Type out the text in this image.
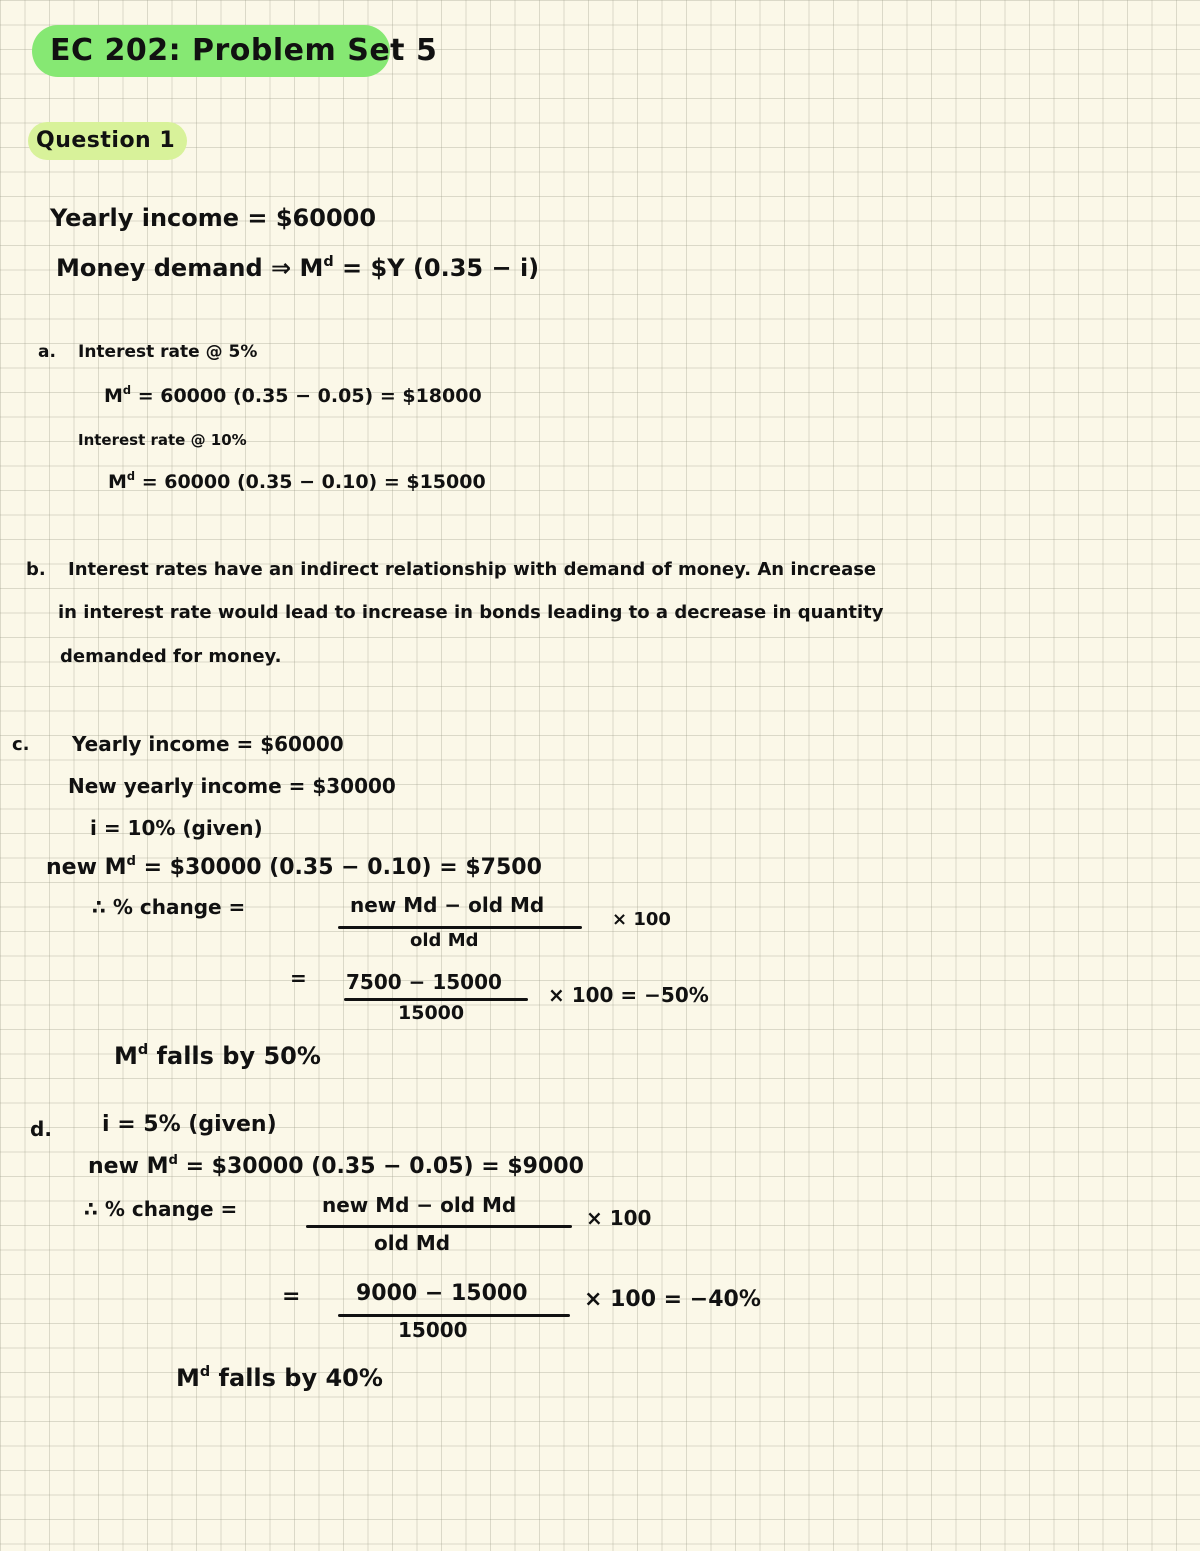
EC 202: Problem Set 5
Question 1
Yearly income = $60000
Money demand ⇒ $M^d$ = $Y (0.35 − i)
a. Interest rate @ 5%
$M^d = 60000$ (0.35 − 0.05) = $18000
Interest rate @ 10%
$M^d = 60000$ (0.35 − 0.10) = $15000
b. Interest rates have an indirect relationship with demand of money. An increase
in interest rate would lead to increase in bonds leading to a decrease in quantity
demanded for money.
c. Yearly income = $60000
New yearly income = $30000
i = 10% (given)
new $M^d$ = $30000 (0.35 − 0.10) = $7500
∴ % change =	new Md − old Md
old Md
× 100
= 7500 − 15000
15000
× 100 = −50%
$M^d$ falls by 50%
d. i = 5% (given)
new $M^d$ = $30000 (0.35 − 0.05) = $9000
∴ % change =	new Md − old Md
old Md
× 100
=	9000 − 15000
15000
× 100 = −40%
$M^d$ falls by 40%
